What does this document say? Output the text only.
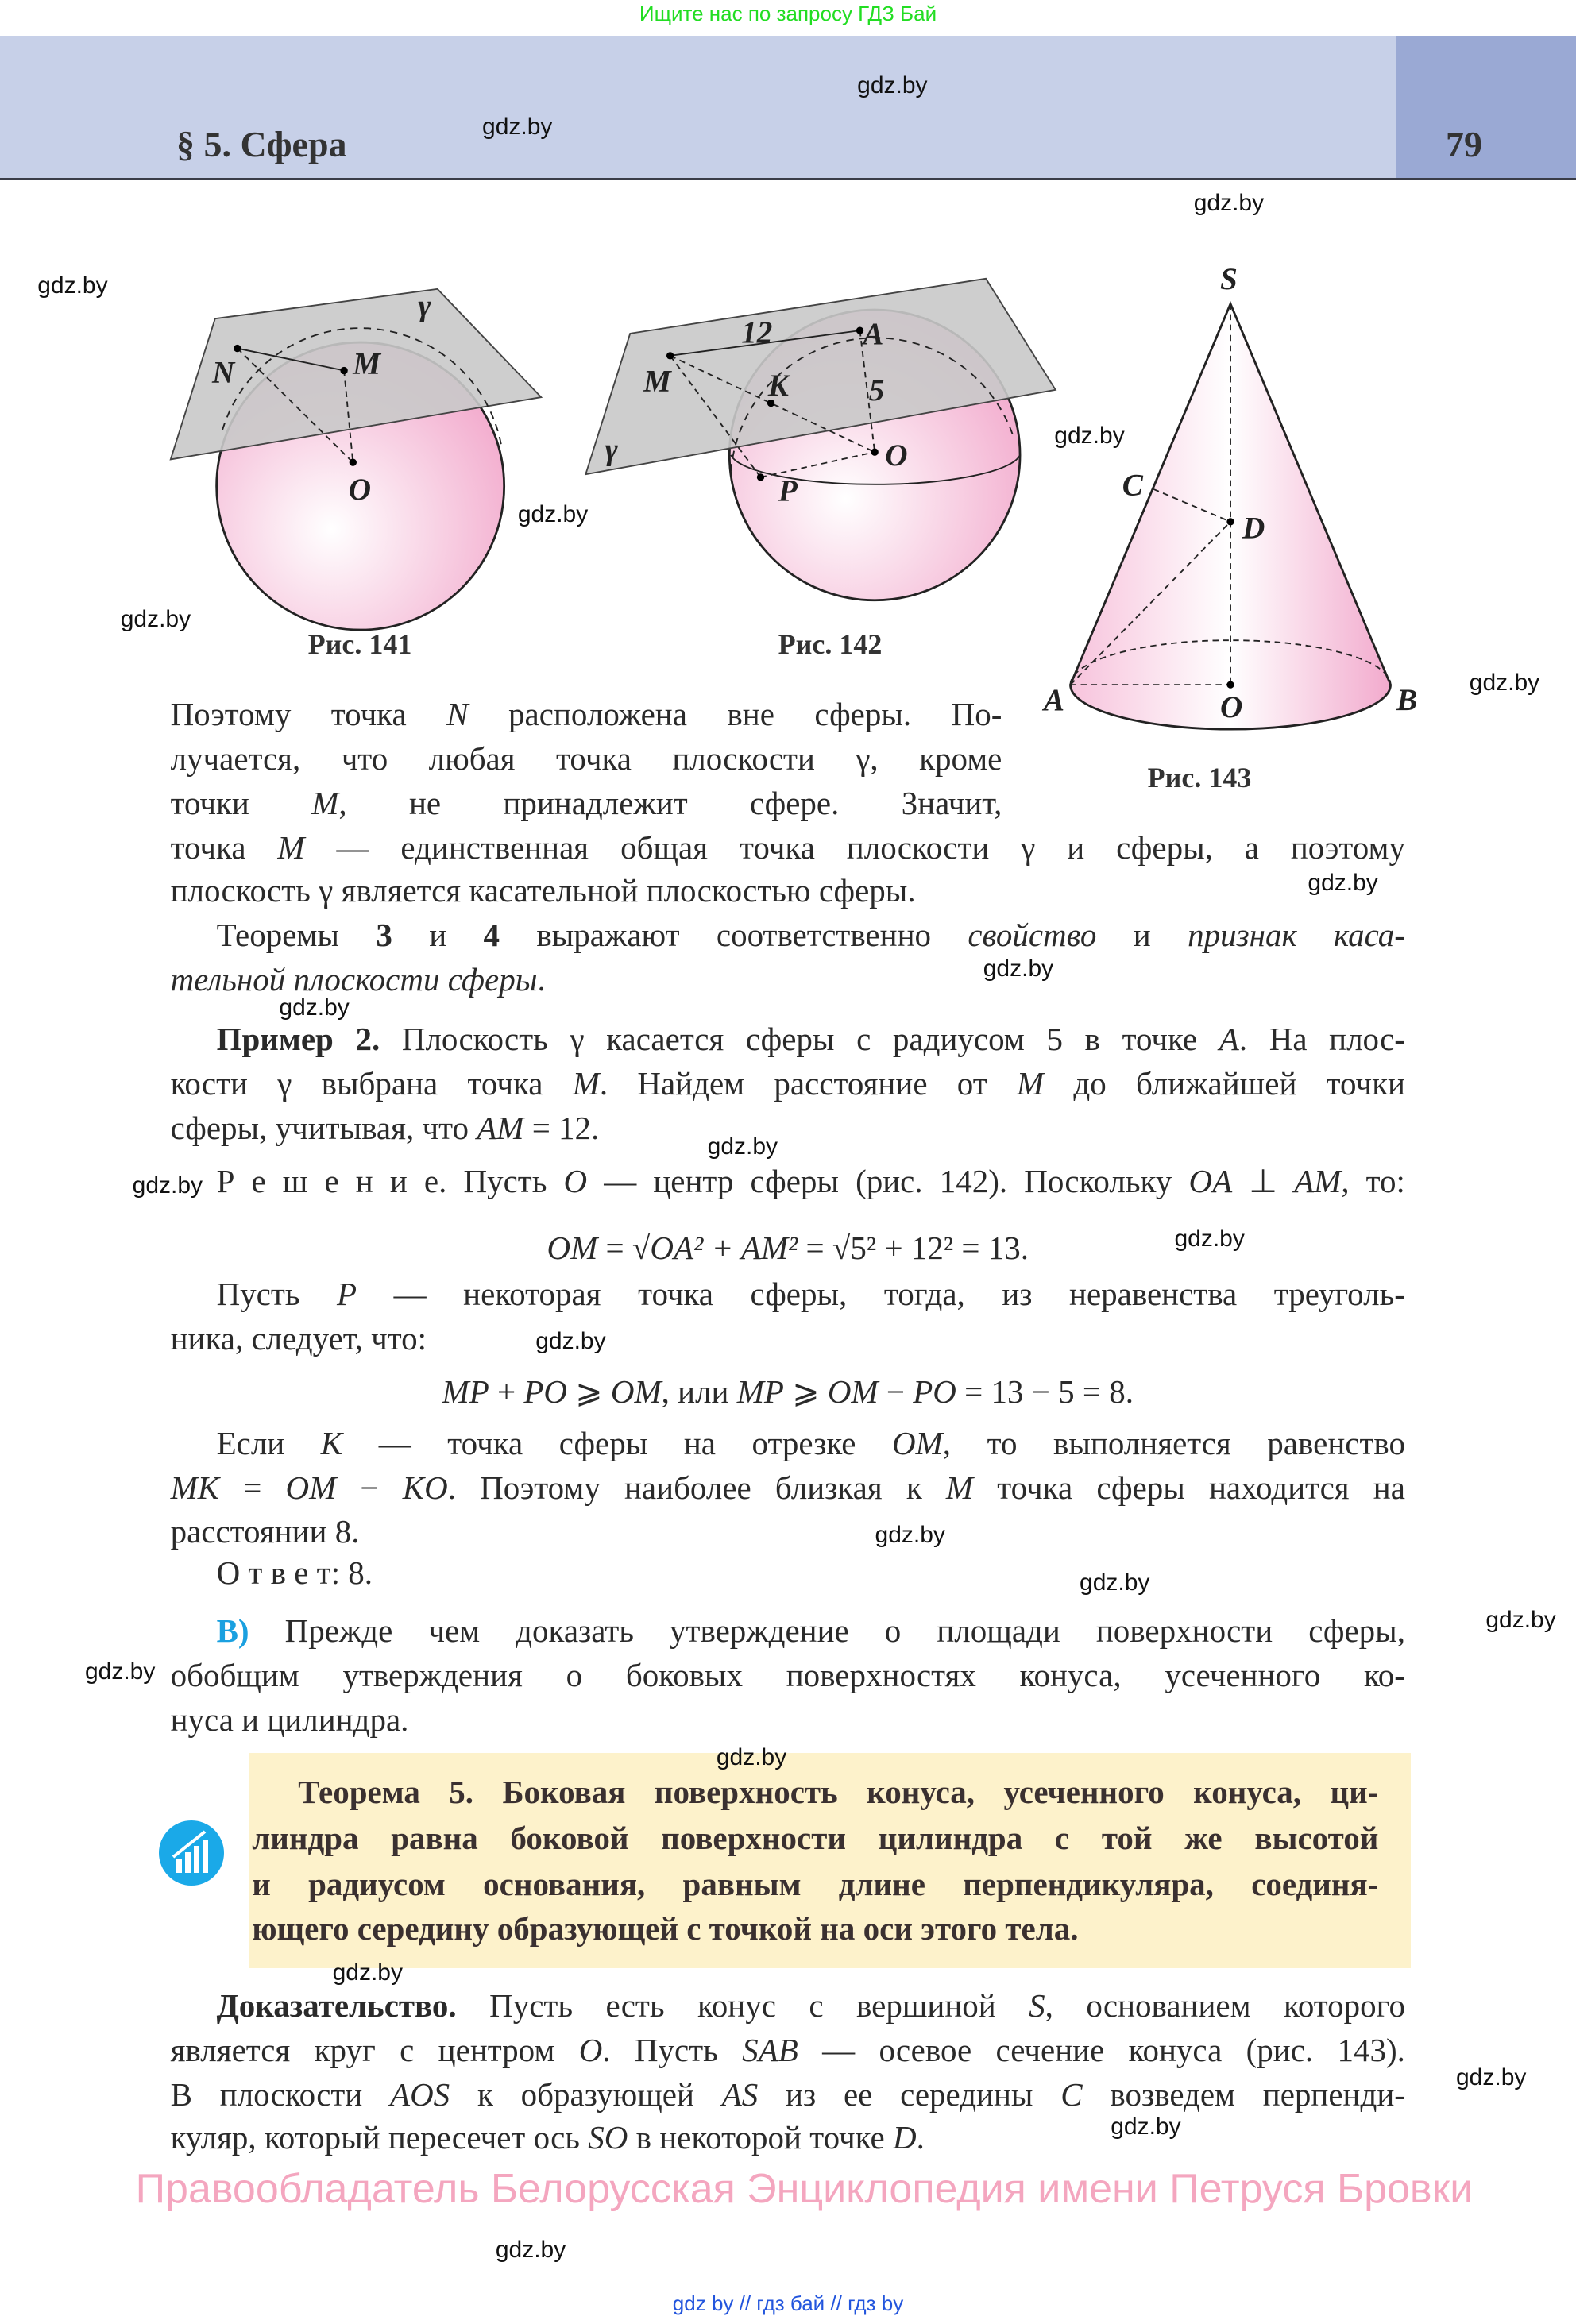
Ищите нас по запросу ГДЗ Бай
§ 5. Сфера	79
γ
N	M
O
12	A
M	K	5
O
P
γ
S
C
D
A	O	B
Рис. 141	Рис. 142
Рис. 143
Поэтому точка N расположена вне сферы. По-
лучается, что любая точка плоскости γ, кроме
точки M, не принадлежит сфере. Значит,
точка M — единственная общая точка плоскости γ и сферы, а поэтому
плоскость γ является касательной плоскостью сферы.
Теоремы 3 и 4 выражают соответственно свойство и признак каса-
тельной плоскости сферы.
Пример 2. Плоскость γ касается сферы с радиусом 5 в точке A. На плос-
кости γ выбрана точка M. Найдем расстояние от M до ближайшей точки
сферы, учитывая, что AM = 12.
Р е ш е н и е. Пусть O — центр сферы (рис. 142). Поскольку OA ⊥ AM, то:
OM = √OA² + AM² = √5² + 12² = 13.
Пусть P — некоторая точка сферы, тогда, из неравенства треуголь-
ника, следует, что:
MP + PO ⩾ OM, или MP ⩾ OM − PO = 13 − 5 = 8.
Если K — точка сферы на отрезке OM, то выполняется равенство
MK = OM − KO. Поэтому наиболее близкая к M точка сферы находится на
расстоянии 8.
О т в е т: 8.
В) Прежде чем доказать утверждение о площади поверхности сферы,
обобщим утверждения о боковых поверхностях конуса, усеченного ко-
нуса и цилиндра.
Теорема 5. Боковая поверхность конуса, усеченного конуса, ци-
линдра равна боковой поверхности цилиндра с той же высотой
и радиусом основания, равным длине перпендикуляра, соединя-
ющего середину образующей с точкой на оси этого тела.
Доказательство. Пусть есть конус с вершиной S, основанием которого
является круг с центром O. Пусть SAB — осевое сечение конуса (рис. 143).
В плоскости AOS к образующей AS из ее середины C возведем перпенди-
куляр, который пересечет ось SO в некоторой точке D.
gdz.by
gdz.by
gdz.by
gdz.by
gdz.by
gdz.by
gdz.by
gdz.by
gdz.by
gdz.by
gdz.by
gdz.by
gdz.by
gdz.by
gdz.by
gdz.by
gdz.by
gdz.by
gdz.by
gdz.by
gdz.by
gdz.by
gdz.by
gdz.by
Правообладатель Белорусская Энциклопедия имени Петруся Бровки
gdz by // гдз бай // гдз by
